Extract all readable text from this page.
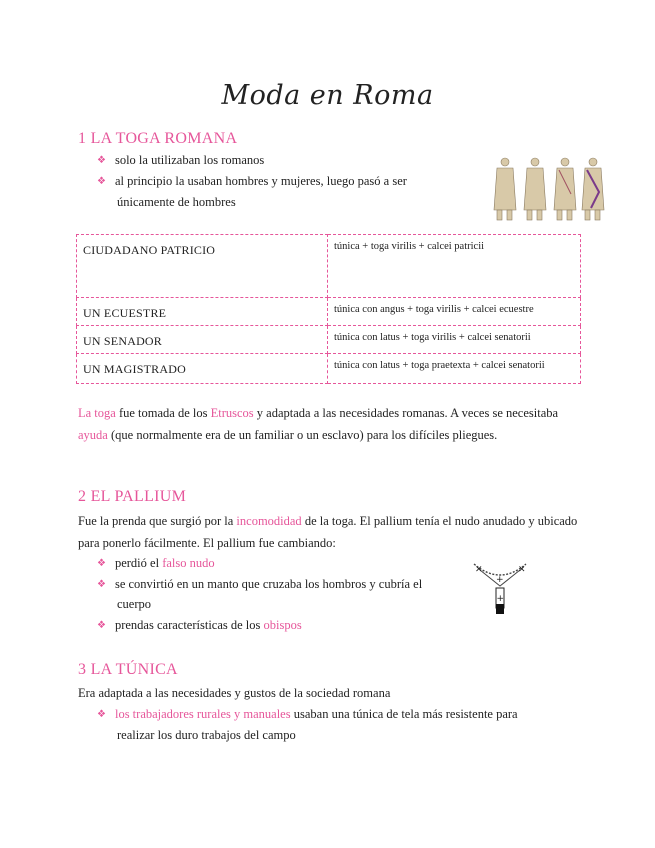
Moda en Roma
1 LA TOGA ROMANA
❖ solo la utilizaban los romanos
❖ al principio la usaban hombres y mujeres, luego pasó a ser
únicamente de hombres
CIUDADANO PATRICIO	túnica + toga virilis + calcei patricii
UN ECUESTRE	túnica con angus + toga virilis + calcei ecuestre
UN SENADOR	túnica con latus + toga virilis + calcei senatorii
UN MAGISTRADO	túnica con latus + toga praetexta + calcei senatorii
La toga fue tomada de los Etruscos y adaptada a las necesidades romanas. A veces se necesitaba ayuda (que normalmente era de un familiar o un esclavo) para los difíciles pliegues.
2 EL PALLIUM
Fue la prenda que surgió por la incomodidad de la toga. El pallium tenía el nudo anudado y ubicado para ponerlo fácilmente. El pallium fue cambiando:
❖ perdió el falso nudo
❖ se convirtió en un manto que cruzaba los hombros y cubría el
cuerpo
❖ prendas características de los obispos
✕	✕
+
+
3 LA TÚNICA
Era adaptada a las necesidades y gustos de la sociedad romana
❖ los trabajadores rurales y manuales usaban una túnica de tela más resistente para
realizar los duro trabajos del campo
